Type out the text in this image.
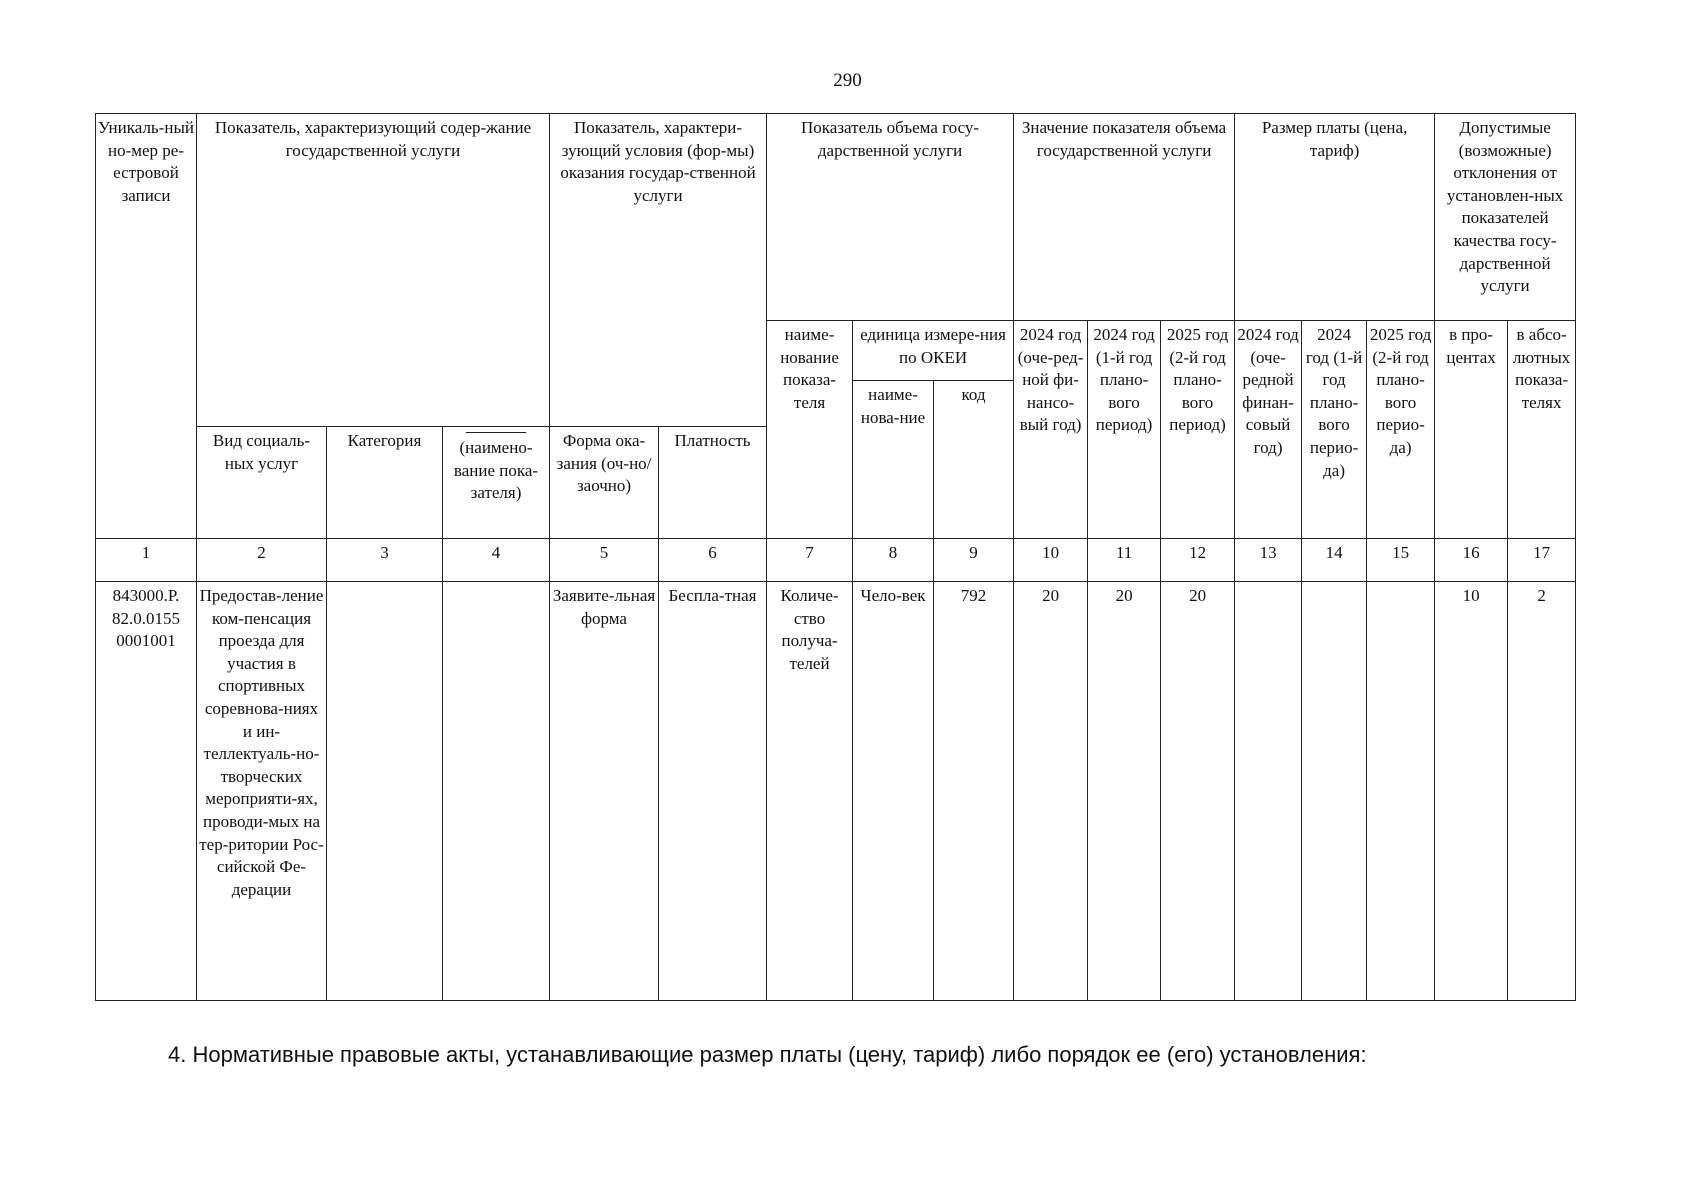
290
Уникаль-ный но-мер ре-естровой записи	Показатель, характеризующий содер-жание государственной услуги			Показатель, характери-зующий условия (фор-мы) оказания государ-ственной услуги		Показатель объема госу-дарственной услуги			Значение показателя объема государственной услуги			Размер платы (цена, тариф)			Допустимые (возможные) отклонения от установлен-ных показателей качества госу-дарственной услуги	
						наиме-нование показа-теля	единица измере-ния по ОКЕИ		2024 год (оче-ред-ной фи-нансо-вый год)	2024 год (1-й год плано-вого период)	2025 год (2-й год плано-вого период)	2024 год (оче-редной финан-совый год)	2024 год (1-й год плано-вого перио-да)	2025 год (2-й год плано-вого перио-да)	в про-центах	в абсо-лютных показа-телях
							наиме-нова-ние	код								
	Вид социаль-ных услуг	Категория	(наимено-вание пока-зателя)	Форма ока-зания (оч-но/заочно)	Платность											
1	2	3	4	5	6	7	8	9	10	11	12	13	14	15	16	17
843000.Р. 82.0.0155 0001001	Предостав-ление ком-пенсация проезда для участия в спортивных соревнова-ниях и ин-теллектуаль-но-творческих мероприяти-ях, проводи-мых на тер-ритории Рос-сийской Фе-дерации			Заявите-льная форма	Беспла-тная	Количе-ство получа-телей	Чело-век	792	20	20	20				10	2
4. Нормативные правовые акты, устанавливающие размер платы (цену, тариф) либо порядок ее (его) установления:
